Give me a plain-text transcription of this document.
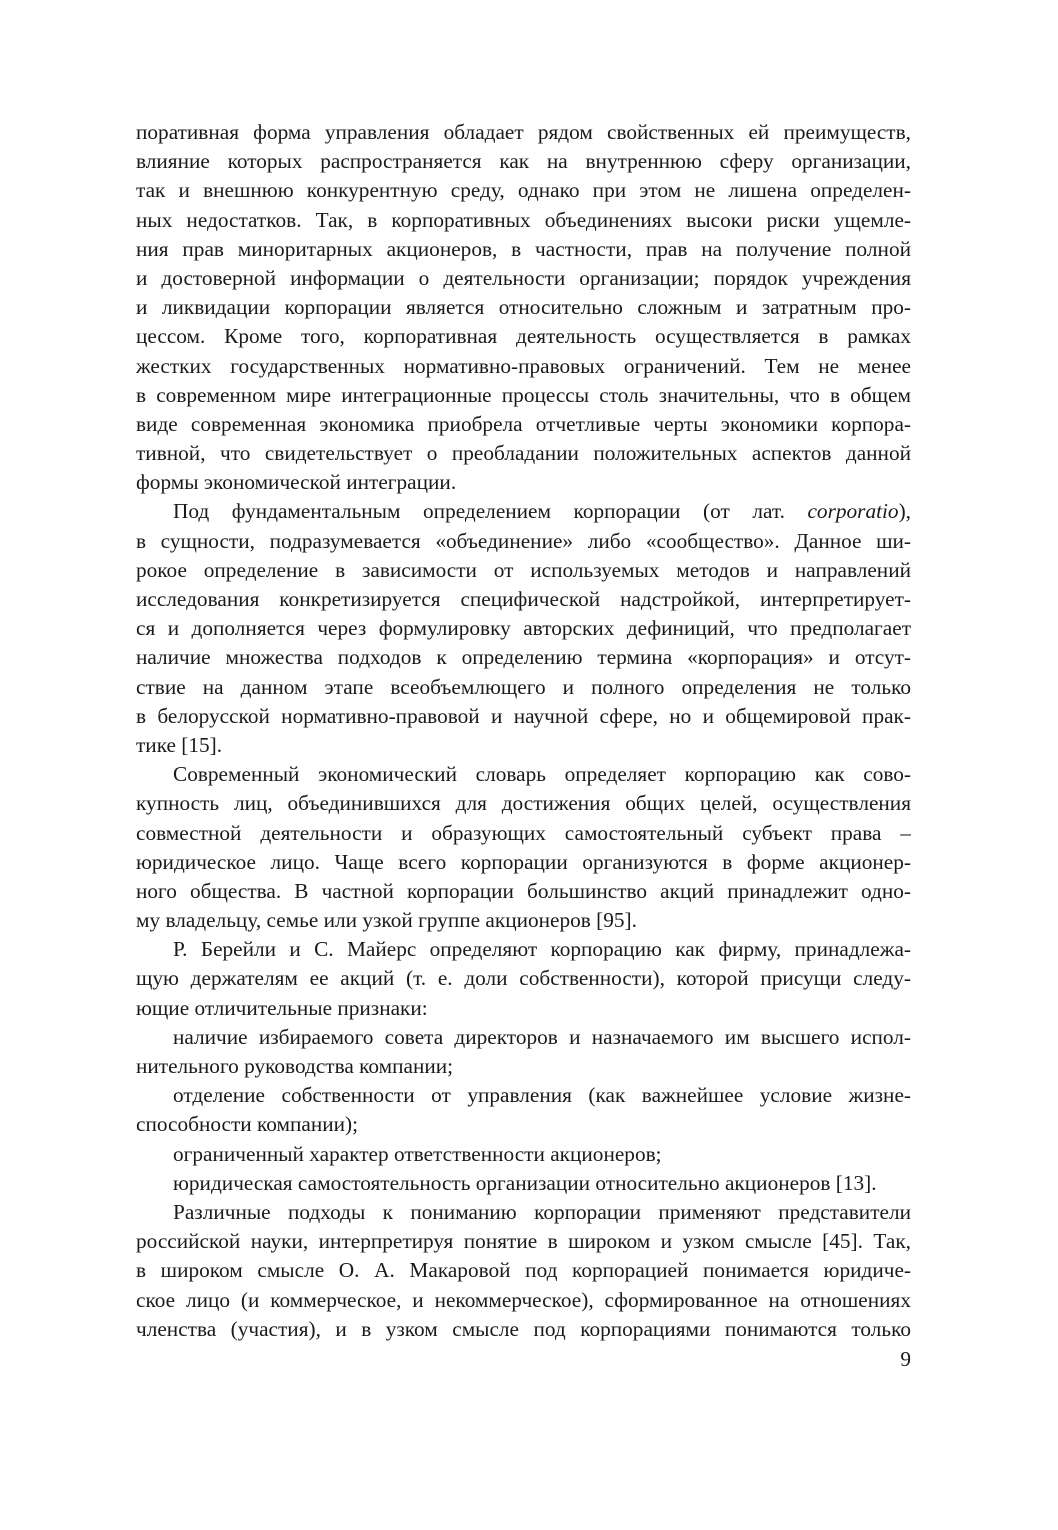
поративная форма управления обладает рядом свойственных ей преимуществ,
влияние которых распространяется как на внутреннюю сферу организации,
так и внешнюю конкурентную среду, однако при этом не лишена определен-
ных недостатков. Так, в корпоративных объединениях высоки риски ущемле-
ния прав миноритарных акционеров, в частности, прав на получение полной
и достоверной информации о деятельности организации; порядок учреждения
и ликвидации корпорации является относительно сложным и затратным про-
цессом. Кроме того, корпоративная деятельность осуществляется в рамках
жестких государственных нормативно-правовых ограничений. Тем не менее
в современном мире интеграционные процессы столь значительны, что в общем
виде современная экономика приобрела отчетливые черты экономики корпора-
тивной, что свидетельствует о преобладании положительных аспектов данной
формы экономической интеграции.
Под фундаментальным определением корпорации (от лат. corporatio),
в сущности, подразумевается «объединение» либо «сообщество». Данное ши-
рокое определение в зависимости от используемых методов и направлений
исследования конкретизируется специфической надстройкой, интерпретирует-
ся и дополняется через формулировку авторских дефиниций, что предполагает
наличие множества подходов к определению термина «корпорация» и отсут-
ствие на данном этапе всеобъемлющего и полного определения не только
в белорусской нормативно-правовой и научной сфере, но и общемировой прак-
тике [15].
Современный экономический словарь определяет корпорацию как сово-
купность лиц, объединившихся для достижения общих целей, осуществления
совместной деятельности и образующих самостоятельный субъект права –
юридическое лицо. Чаще всего корпорации организуются в форме акционер-
ного общества. В частной корпорации большинство акций принадлежит одно-
му владельцу, семье или узкой группе акционеров [95].
Р. Берейли и С. Майерс определяют корпорацию как фирму, принадлежа-
щую держателям ее акций (т. е. доли собственности), которой присущи следу-
ющие отличительные признаки:
наличие избираемого совета директоров и назначаемого им высшего испол-
нительного руководства компании;
отделение собственности от управления (как важнейшее условие жизне-
способности компании);
ограниченный характер ответственности акционеров;
юридическая самостоятельность организации относительно акционеров [13].
Различные подходы к пониманию корпорации применяют представители
российской науки, интерпретируя понятие в широком и узком смысле [45]. Так,
в широком смысле О. А. Макаровой под корпорацией понимается юридиче-
ское лицо (и коммерческое, и некоммерческое), сформированное на отношениях
членства (участия), и в узком смысле под корпорациями понимаются только
9
